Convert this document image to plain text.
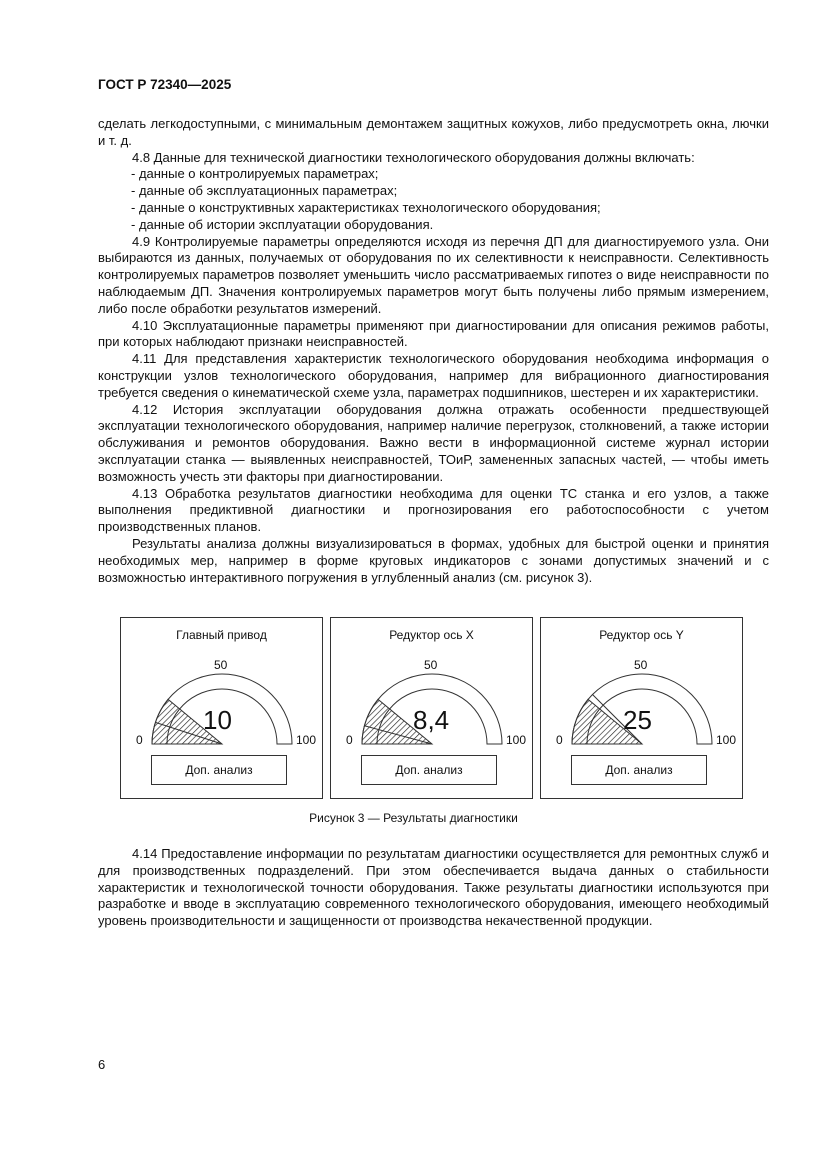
ГОСТ Р 72340—2025

сделать легкодоступными, с минимальным демонтажем защитных кожухов, либо предусмотреть окна, лючки и т. д.

4.8 Данные для технической диагностики технологического оборудования должны включать:

- данные о контролируемых параметрах;

- данные об эксплуатационных параметрах;

- данные о конструктивных характеристиках технологического оборудования;

- данные об истории эксплуатации оборудования.

4.9 Контролируемые параметры определяются исходя из перечня ДП для диагностируемого узла. Они выбираются из данных, получаемых от оборудования по их селективности к неисправности. Селективность контролируемых параметров позволяет уменьшить число рассматриваемых гипотез о виде неисправности по наблюдаемым ДП. Значения контролируемых параметров могут быть получены либо прямым измерением, либо после обработки результатов измерений.

4.10 Эксплуатационные параметры применяют при диагностировании для описания режимов работы, при которых наблюдают признаки неисправностей.

4.11 Для представления характеристик технологического оборудования необходима информация о конструкции узлов технологического оборудования, например для вибрационного диагностирования требуется сведения о кинематической схеме узла, параметрах подшипников, шестерен и их характеристики.

4.12 История эксплуатации оборудования должна отражать особенности предшествующей эксплуатации технологического оборудования, например наличие перегрузок, столкновений, а также истории обслуживания и ремонтов оборудования. Важно вести в информационной системе журнал истории эксплуатации станка — выявленных неисправностей, ТОиР, замененных запасных частей, — чтобы иметь возможность учесть эти факторы при диагностировании.

4.13 Обработка результатов диагностики необходима для оценки ТС станка и его узлов, а также выполнения предиктивной диагностики и прогнозирования его работоспособности с учетом производственных планов.

Результаты анализа должны визуализироваться в формах, удобных для быстрой оценки и принятия необходимых мер, например в форме круговых индикаторов с зонами допустимых значений и с возможностью интерактивного погружения в углубленный анализ (см. рисунок 3).

Главный привод
50
0	100
10
Доп. анализ
Редуктор ось X
50
0	100
8,4
Доп. анализ
Редуктор ось Y
50
0	100
25
Доп. анализ
Рисунок 3 — Результаты диагностики

4.14 Предоставление информации по результатам диагностики осуществляется для ремонтных служб и для производственных подразделений. При этом обеспечивается выдача данных о стабильности характеристик и технологической точности оборудования. Также результаты диагностики используются при разработке и вводе в эксплуатацию современного технологического оборудования, имеющего необходимый уровень производительности и защищенности от производства некачественной продукции.

6
